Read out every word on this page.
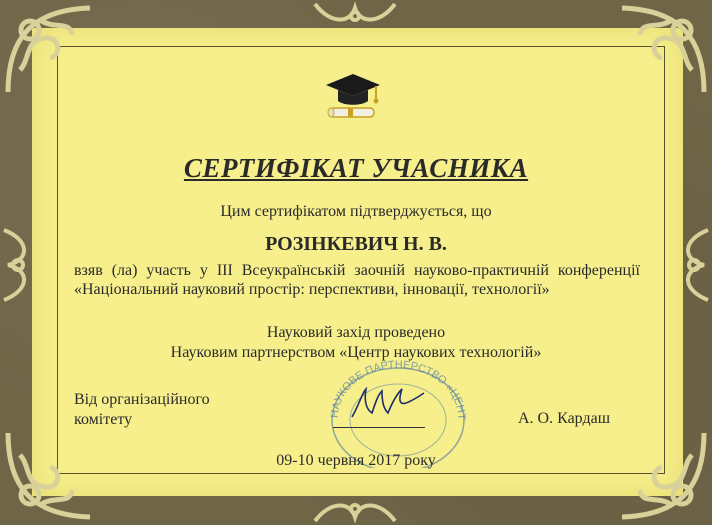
СЕРТИФІКАТ УЧАСНИКА
Цим сертифікатом підтверджується, що
РОЗІНКЕВИЧ Н. В.
взяв (ла) участь у ІІІ Всеукраїнській заочній науково-практичній конференції «Національний науковий простір: перспективи, інновації, технології»
Науковий захід проведено
Науковим партнерством «Центр наукових технологій»
НАУКОВЕ ПАРТНЕРСТВО «ЦЕНТ
Від організаційного
комітету	А. О. Кардаш
09-10 червня 2017 року
